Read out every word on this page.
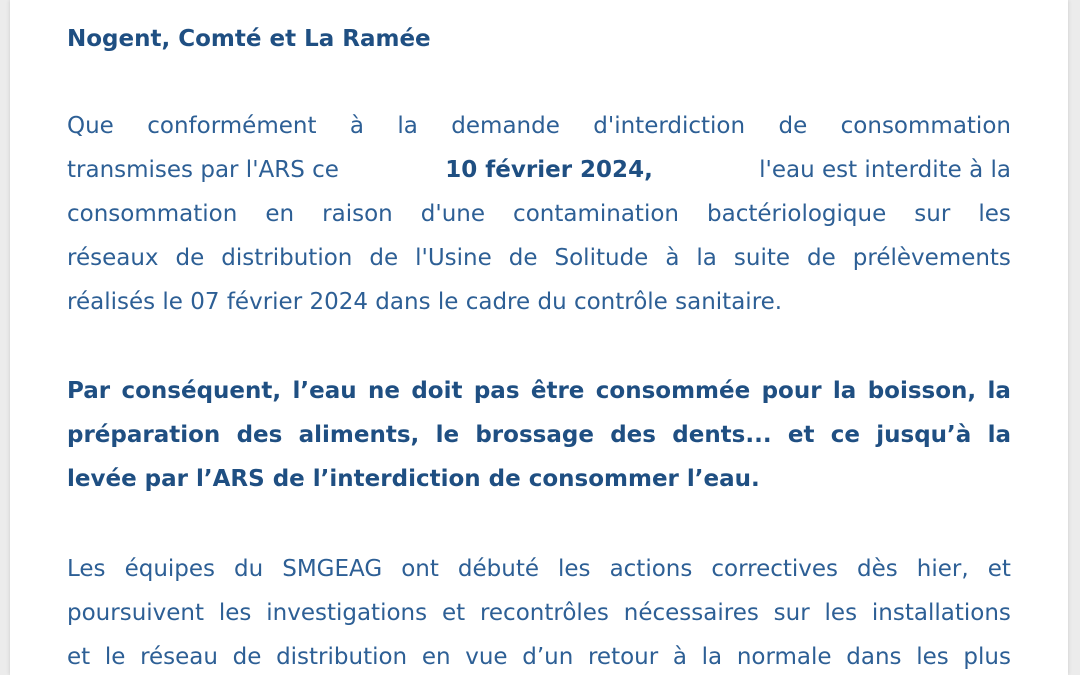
Nogent, Comté et La Ramée
Que conformément à la demande d'interdiction de consommation
transmises par l'ARS ce	10 février 2024,	l'eau est interdite à la
consommation en raison d'une contamination bactériologique sur les
réseaux de distribution de l'Usine de Solitude à la suite de prélèvements
réalisés le 07 février 2024 dans le cadre du contrôle sanitaire.
Par conséquent, l’eau ne doit pas être consommée pour la boisson, la
préparation des aliments, le brossage des dents... et ce jusqu’à la
levée par l’ARS de l’interdiction de consommer l’eau.
Les équipes du SMGEAG ont débuté les actions correctives dès hier, et
poursuivent les investigations et recontrôles nécessaires sur les installations
et le réseau de distribution en vue d’un retour à la normale dans les plus
